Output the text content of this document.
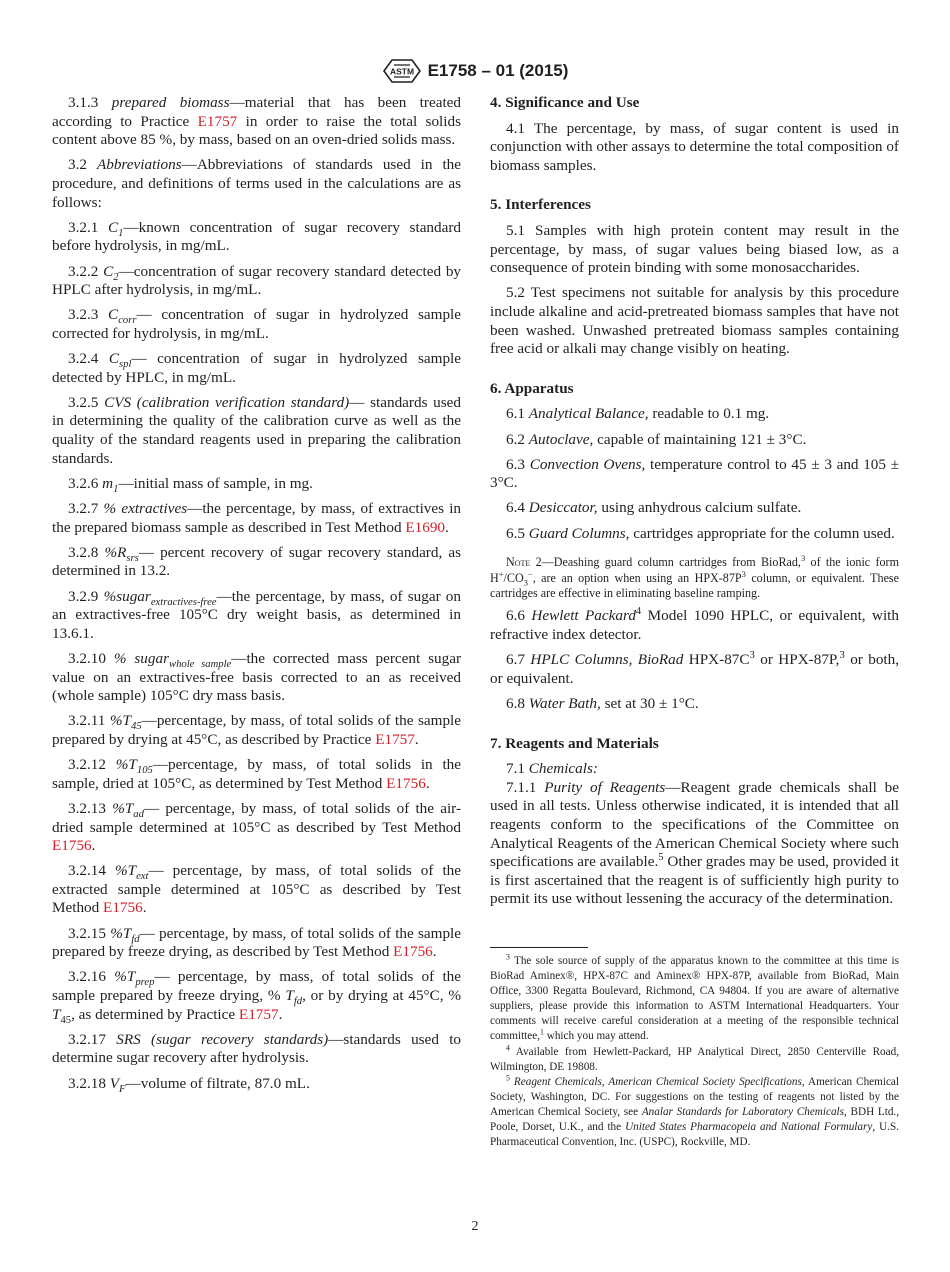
ASTM E1758 – 01 (2015)

3.1.3 prepared biomass—material that has been treated according to Practice E1757 in order to raise the total solids content above 85 %, by mass, based on an oven-dried solids mass.

3.2 Abbreviations—Abbreviations of standards used in the procedure, and definitions of terms used in the calculations are as follows:

3.2.1 $C_1—known$ concentration of sugar recovery standard before hydrolysis, in mg/mL.

3.2.2 $C_2—concentration$ of sugar recovery standard detected by HPLC after hydrolysis, in mg/mL.

3.2.3 $C_{corr}—$ concentration of sugar in hydrolyzed sample corrected for hydrolysis, in mg/mL.

3.2.4 $C_{spl}—$ concentration of sugar in hydrolyzed sample detected by HPLC, in mg/mL.

3.2.5 CVS (calibration verification standard)— standards used in determining the quality of the calibration curve as well as the quality of the standard reagents used in preparing the calibration standards.

3.2.6 $m_1—initial$ mass of sample, in mg.

3.2.7 % extractives—the percentage, by mass, of extractives in the prepared biomass sample as described in Test Method E1690.

3.2.8 $\%R_{srs}—$ percent recovery of sugar recovery standard, as determined in 13.2.

3.2.9 %sugar$_{extractives-free}$—the percentage, by mass, of sugar on an extractives-free 105°C dry weight basis, as determined in 13.6.1.

3.2.10 % sugar$_{whole sample}$—the corrected mass percent sugar value on an extractives-free basis corrected to an as received (whole sample) 105°C dry mass basis.

3.2.11 $\%T_{45}—percentage$, by mass, of total solids of the sample prepared by drying at 45°C, as described by Practice E1757.

3.2.12 $\%T_{105}—percentage$, by mass, of total solids in the sample, dried at 105°C, as determined by Test Method E1756.

3.2.13 $\%T_{ad}—$ percentage, by mass, of total solids of the air-dried sample determined at 105°C as described by Test Method E1756.

3.2.14 $\%T_{ext}—$ percentage, by mass, of total solids of the extracted sample determined at 105°C as described by Test Method E1756.

3.2.15 $\%T_{fd}—$ percentage, by mass, of total solids of the sample prepared by freeze drying, as described by Test Method E1756.

3.2.16 $\%T_{prep}—$ percentage, by mass, of total solids of the sample prepared by freeze drying, % $T_{fd}$, or by drying at 45°C, % $T_{45}$, as determined by Practice E1757.

3.2.17 SRS (sugar recovery standards)—standards used to determine sugar recovery after hydrolysis.

3.2.18 $V_F—volume$ of filtrate, 87.0 mL.

4. Significance and Use

4.1 The percentage, by mass, of sugar content is used in conjunction with other assays to determine the total composition of biomass samples.

5. Interferences

5.1 Samples with high protein content may result in the percentage, by mass, of sugar values being biased low, as a consequence of protein binding with some monosaccharides.

5.2 Test specimens not suitable for analysis by this procedure include alkaline and acid-pretreated biomass samples that have not been washed. Unwashed pretreated biomass samples containing free acid or alkali may change visibly on heating.

6. Apparatus

6.1 Analytical Balance, readable to 0.1 mg.

6.2 Autoclave, capable of maintaining 121 ± 3°C.

6.3 Convection Ovens, temperature control to 45 ± 3 and 105 ± 3°C.

6.4 Desiccator, using anhydrous calcium sulfate.

6.5 Guard Columns, cartridges appropriate for the column used.

Note 2—Deashing guard column cartridges from BioRad,$^3$ of the ionic form $H^+/CO_3^-$, are an option when using an HPX-$87P^3$ column, or equivalent. These cartridges are effective in eliminating baseline ramping.

6.6 Hewlett Packard$^4$ Model 1090 HPLC, or equivalent, with refractive index detector.

6.7 HPLC Columns, BioRad HPX-$87C^3$ or HPX-87P,$^3$ or both, or equivalent.

6.8 Water Bath, set at 30 ± 1°C.

7. Reagents and Materials

7.1 Chemicals:

7.1.1 Purity of Reagents—Reagent grade chemicals shall be used in all tests. Unless otherwise indicated, it is intended that all reagents conform to the specifications of the Committee on Analytical Reagents of the American Chemical Society where such specifications are available.$^5$ Other grades may be used, provided it is first ascertained that the reagent is of sufficiently high purity to permit its use without lessening the accuracy of the determination.

$^3$ The sole source of supply of the apparatus known to the committee at this time is BioRad Aminex®, HPX-87C and Aminex® HPX-87P, available from BioRad, Main Office, 3300 Regatta Boulevard, Richmond, CA 94804. If you are aware of alternative suppliers, please provide this information to ASTM International Headquarters. Your comments will receive careful consideration at a meeting of the responsible technical committee,$^1$ which you may attend.

$^4$ Available from Hewlett-Packard, HP Analytical Direct, 2850 Centerville Road, Wilmington, DE 19808.

$^5$ Reagent Chemicals, American Chemical Society Specifications, American Chemical Society, Washington, DC. For suggestions on the testing of reagents not listed by the American Chemical Society, see Analar Standards for Laboratory Chemicals, BDH Ltd., Poole, Dorset, U.K., and the United States Pharmacopeia and National Formulary, U.S. Pharmaceutical Convention, Inc. (USPC), Rockville, MD.

2
